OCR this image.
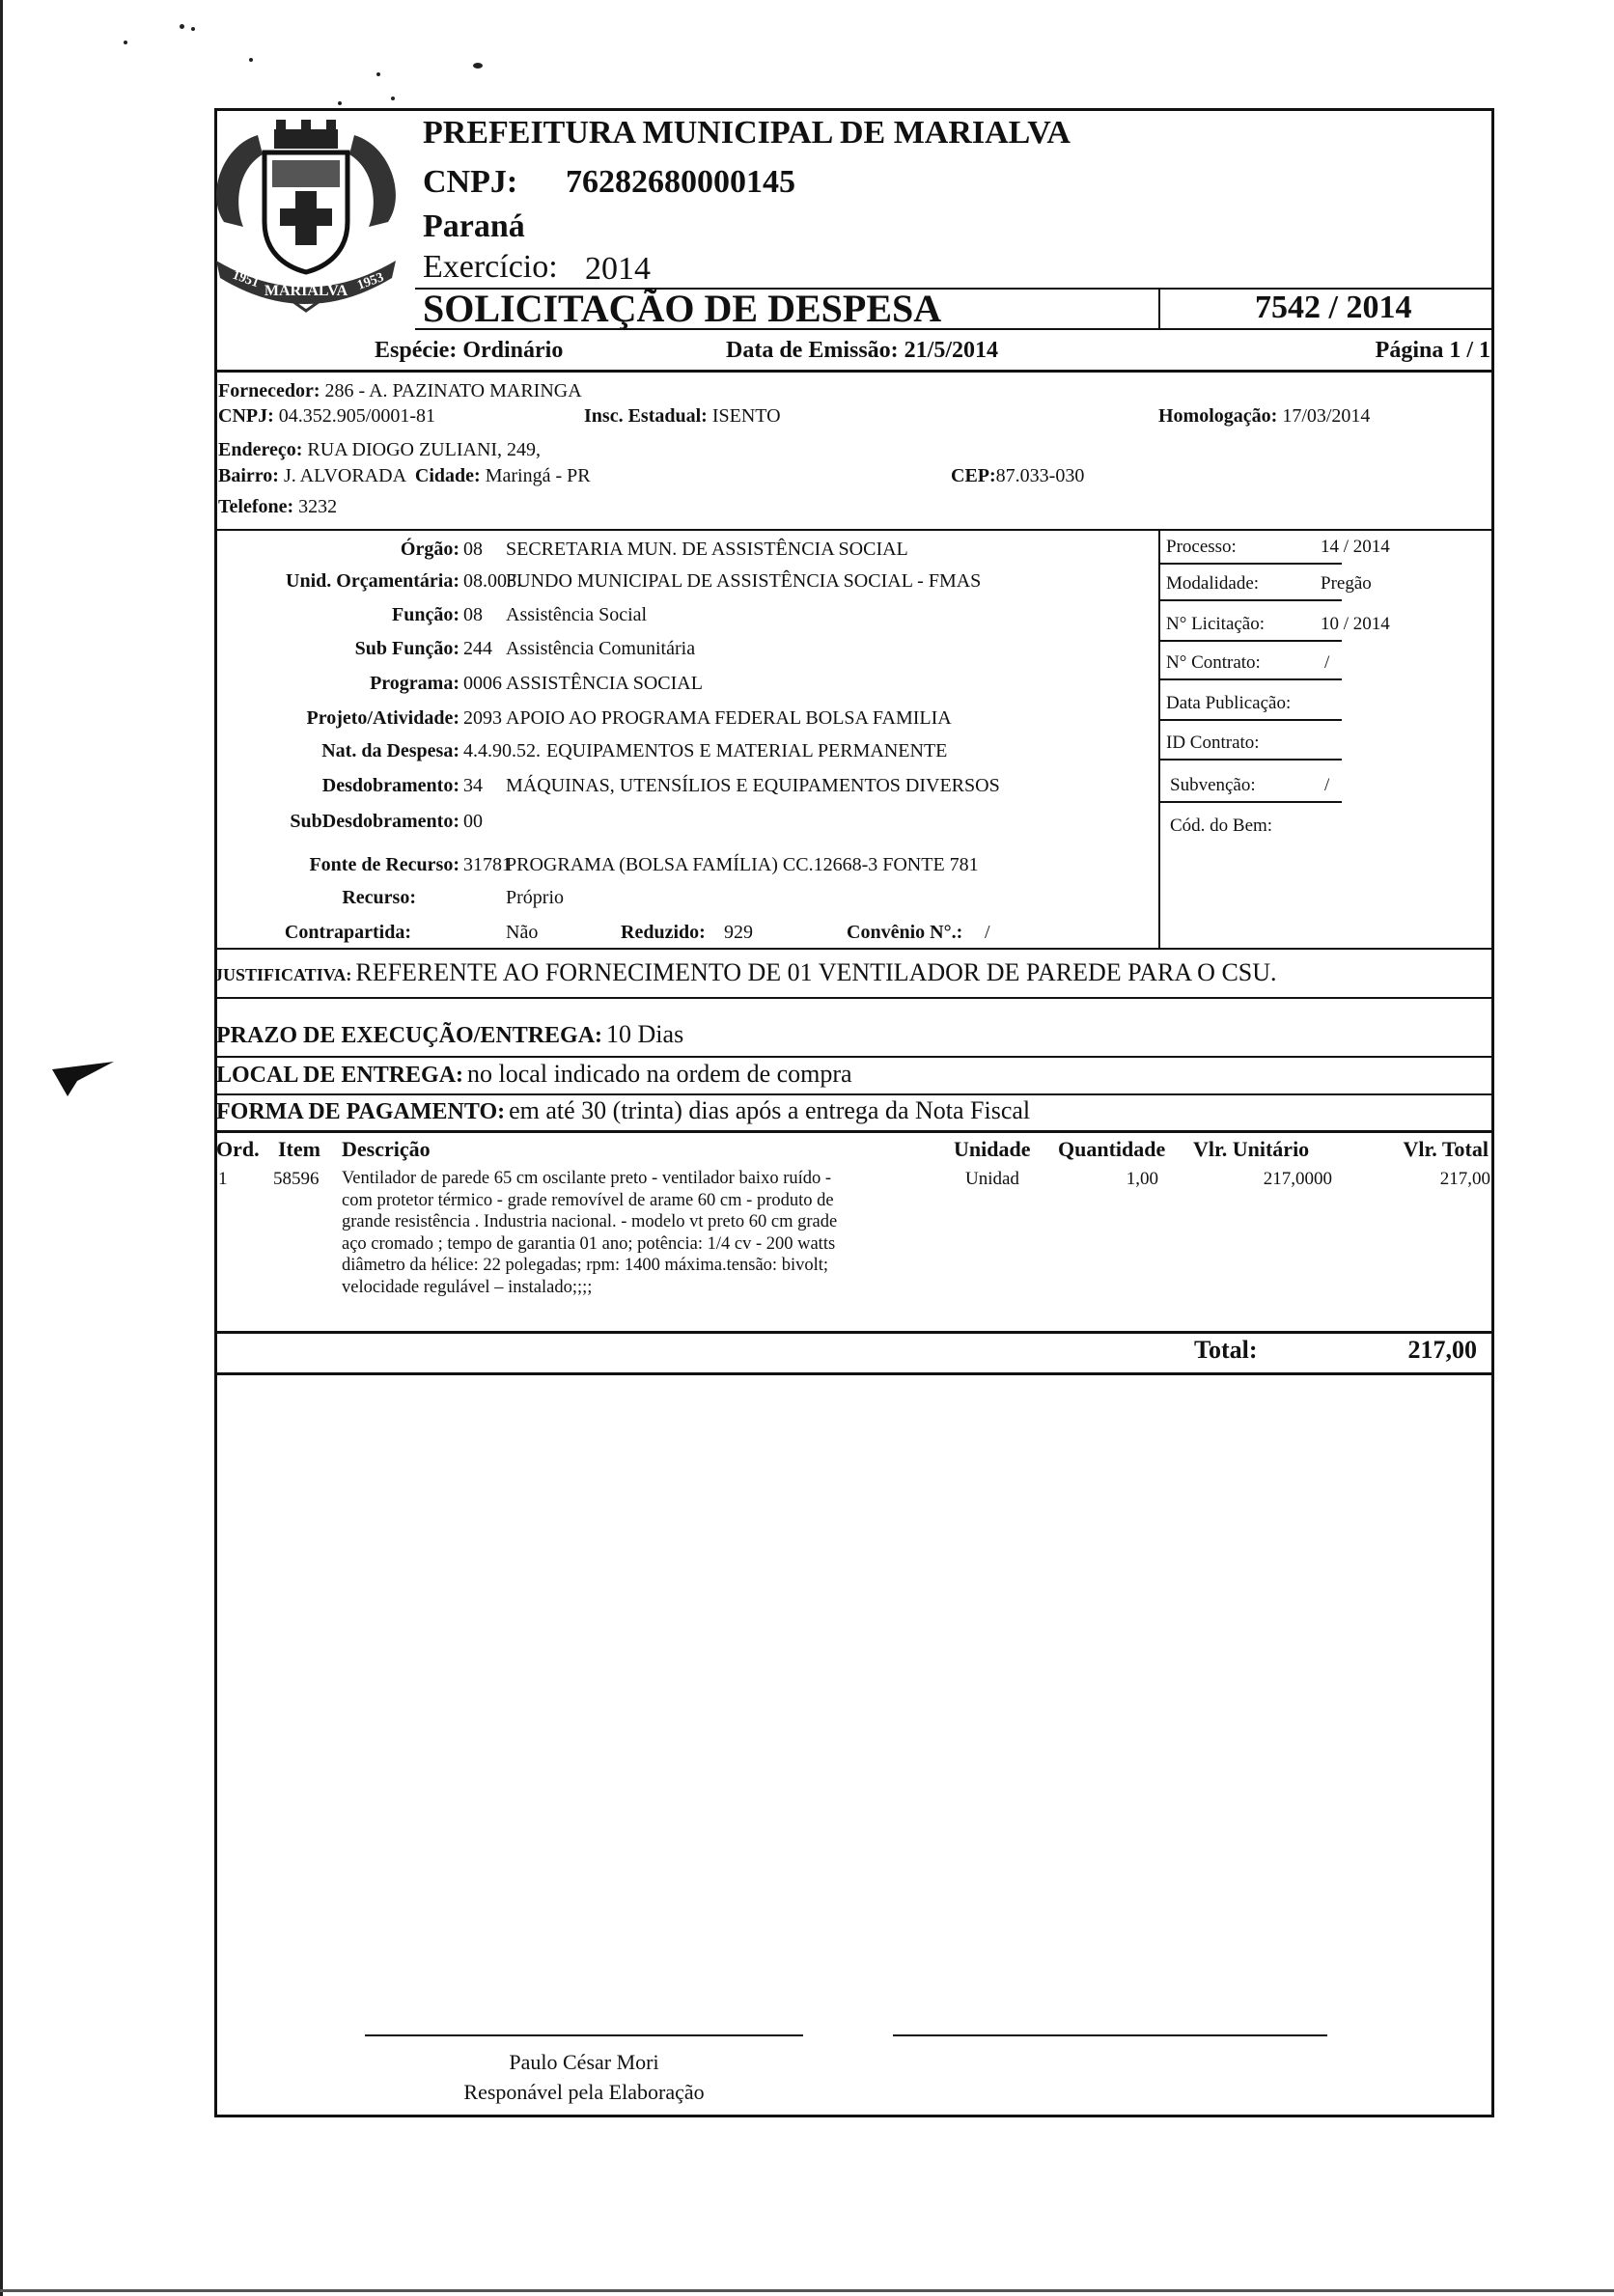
1951
MARIALVA 1953
PREFEITURA MUNICIPAL DE MARIALVA
CNPJ: 76282680000145
Paraná
Exercício: 2014
SOLICITAÇÃO DE DESPESA	7542 / 2014
Espécie: Ordinário	Data de Emissão: 21/5/2014	Página 1 / 1
Fornecedor: 286 - A. PAZINATO MARINGA
CNPJ: 04.352.905/0001-81	Insc. Estadual: ISENTO	Homologação: 17/03/2014
Endereço: RUA DIOGO ZULIANI, 249,
Bairro: J. ALVORADA Cidade: Maringá - PR	CEP:87.033-030
Telefone: 3232
Órgão: 08 SECRETARIA MUN. DE ASSISTÊNCIA SOCIAL
Unid. Orçamentária: 08.003.
FUNDO MUNICIPAL DE ASSISTÊNCIA SOCIAL - FMAS
Função: 08 Assistência Social
Sub Função: 244 Assistência Comunitária
Programa: 0006 ASSISTÊNCIA SOCIAL
Projeto/Atividade: 2093 APOIO AO PROGRAMA FEDERAL BOLSA FAMILIA
Nat. da Despesa: 4.4.90.52. EQUIPAMENTOS E MATERIAL PERMANENTE
Desdobramento: 34 MÁQUINAS, UTENSÍLIOS E EQUIPAMENTOS DIVERSOS
SubDesdobramento: 00
Fonte de Recurso: 31781
PROGRAMA (BOLSA FAMÍLIA) CC.12668-3 FONTE 781
Recurso:	Próprio
Contrapartida:	Não	Reduzido: 929	Convênio N°.: /
Processo:	14 / 2014
Modalidade:	Pregão
N° Licitação:	10 / 2014
N° Contrato:	/
Data Publicação:
ID Contrato:
Subvenção:	/
Cód. do Bem:
JUSTIFICATIVA: REFERENTE AO FORNECIMENTO DE 01 VENTILADOR DE PAREDE PARA O CSU.
PRAZO DE EXECUÇÃO/ENTREGA: 10 Dias
LOCAL DE ENTREGA: no local indicado na ordem de compra
FORMA DE PAGAMENTO: em até 30 (trinta) dias após a entrega da Nota Fiscal
Ord. Item Descrição	Unidade Quantidade Vlr. Unitário	Vlr. Total
1	58596 Ventilador de parede 65 cm oscilante preto - ventilador baixo ruído -
com protetor térmico - grade removível de arame 60 cm - produto de
grande resistência . Industria nacional. - modelo vt preto 60 cm grade
aço cromado ; tempo de garantia 01 ano; potência: 1/4 cv - 200 watts
diâmetro da hélice: 22 polegadas; rpm: 1400 máxima.tensão: bivolt;
velocidade regulável – instalado;;;;
Unidad	1,00	217,0000	217,00
Total:	217,00
Paulo César Mori
Responável pela Elaboração
